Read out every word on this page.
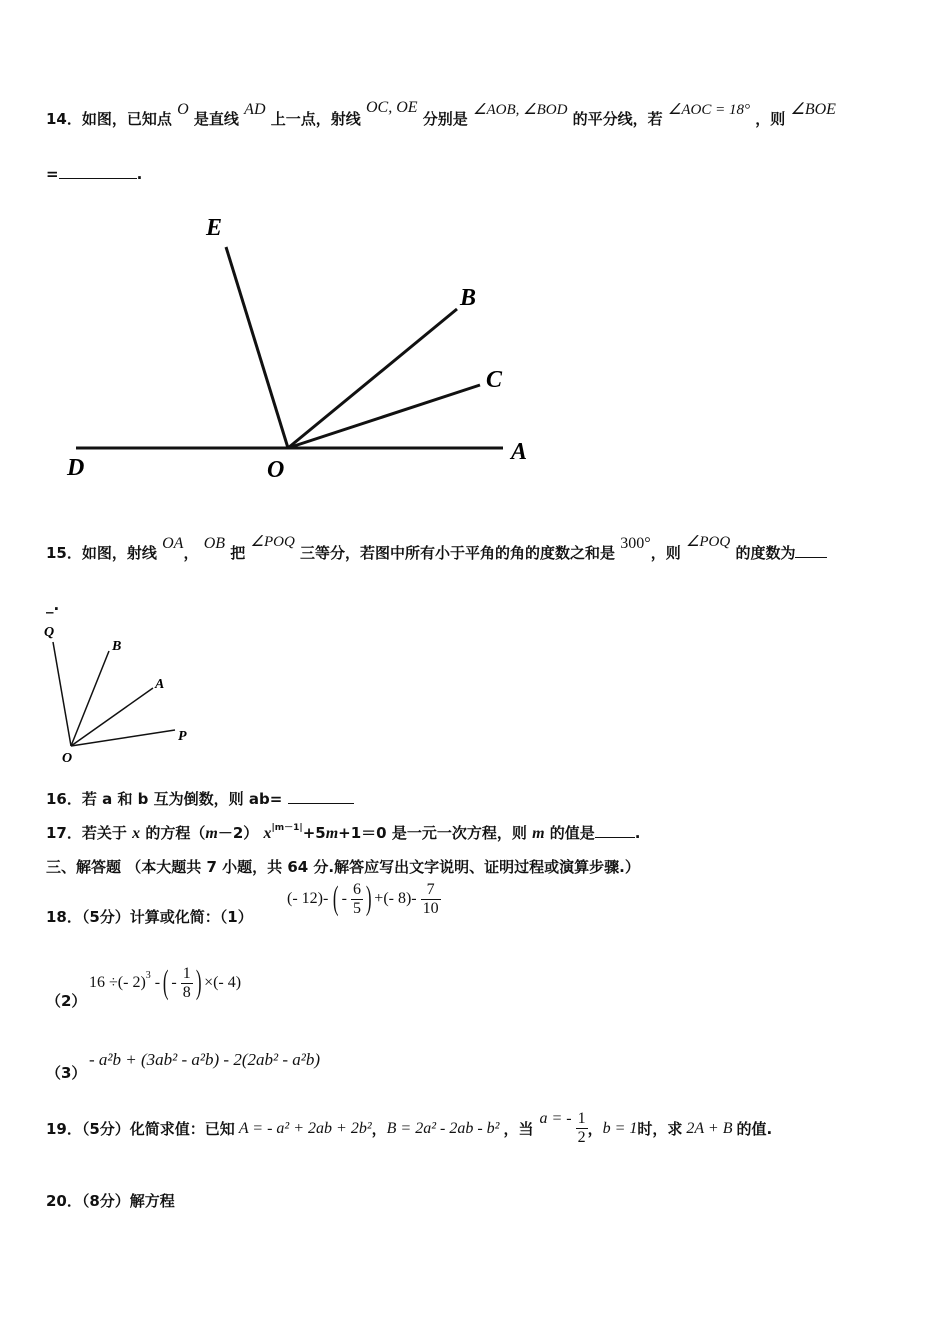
14．如图，已知点 O 是直线 AD 上一点，射线 OC, OE 分别是 ∠AOB, ∠BOD 的平分线，若 ∠AOC = 18° ，则 ∠BOE
=	.
E
B
C
D	O
A
15．如图，射线 OA， OB 把 ∠POQ 三等分，若图中所有小于平角的角的度数之和是 300°，则 ∠POQ 的度数为
_.
Q
B
A
P
O
16．若 a 和 b 互为倒数，则 ab=
17．若关于 x 的方程（m－2） $x^{|m-1|}+5m+1=0$ 是一元一次方程，则 m 的值是	.
三、解答题 （本大题共 7 小题，共 64 分.解答应写出文字说明、证明过程或演算步骤.）
18．（5分）计算或化简：（1）
(- 12)- ( - $\frac{6}{5}$ ) +(- $8)- \frac{7}{10}$
（2）
16 ÷(- 2)$^3$ - ( - $\frac{1}{8}$ ) ×(- 4)
（3）
- a²b + (3ab² - a²b) - 2(2ab² - a²b)
19．（5分）化简求值：已知 A = - a² + 2ab + 2b² ， B = 2a² - 2ab - b² ，当
a = - $\frac{1}{2}$ ， b = 1 时，求 2A + B 的值.
20．（8分）解方程
